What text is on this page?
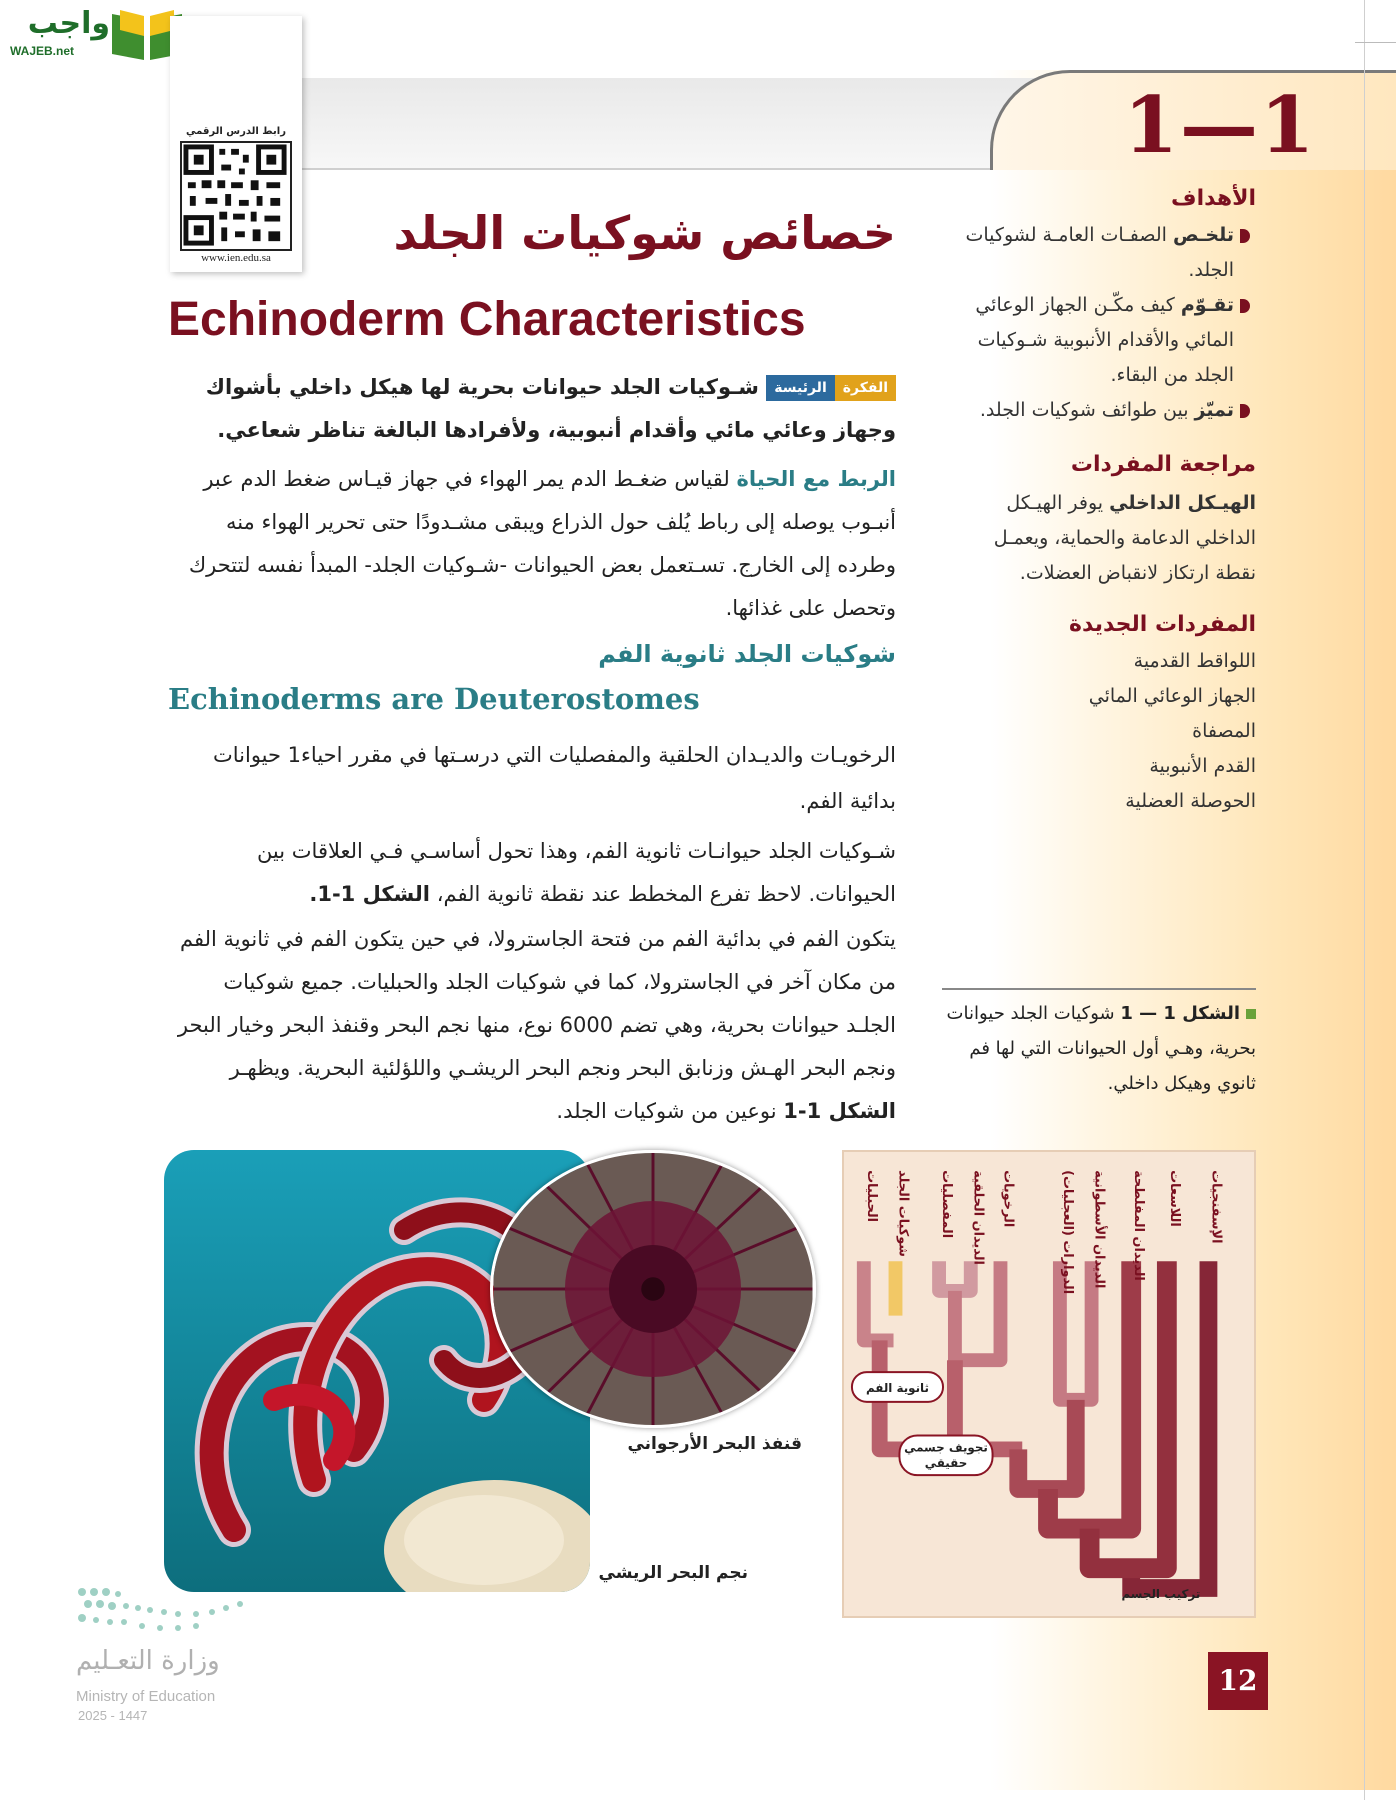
1—1
واجب
WAJEB.net
رابط الدرس الرقمي
www.ien.edu.sa	خصائص شوكيات الجلد
Echinoderm Characteristics
الفكرةالرئيسة شـوكيات الجلد حيوانات بحرية لها هيكل داخلي بأشواك وجهاز وعائي مائي وأقدام أنبوبية، ولأفرادها البالغة تناظر شعاعي.
الربط مع الحياة لقياس ضغـط الدم يمر الهواء في جهاز قيـاس ضغط الدم عبر أنبـوب يوصله إلى رباط يُلف حول الذراع ويبقى مشـدودًا حتى تحرير الهواء منه وطرده إلى الخارج. تسـتعمل بعض الحيوانات -شـوكيات الجلد- المبدأ نفسه لتتحرك وتحصل على غذائها.
شوكيات الجلد ثانوية الفم
Echinoderms are Deuterostomes
الرخويـات والديـدان الحلقية والمفصليات التي درسـتها في مقرر احياء1 حيوانات بدائية الفم.
شـوكيات الجلد حيوانـات ثانوية الفم، وهذا تحول أساسـي فـي العلاقات بين الحيوانات. لاحظ تفرع المخطط عند نقطة ثانوية الفم، الشكل 1-1.
يتكون الفم في بدائية الفم من فتحة الجاسترولا، في حين يتكون الفم في ثانوية الفم من مكان آخر في الجاسترولا، كما في شوكيات الجلد والحبليات. جميع شوكيات الجلـد حيوانات بحرية، وهي تضم 6000 نوع، منها نجم البحر وقنفذ البحر وخيار البحر ونجم البحر الهـش وزنابق البحر ونجم البحر الريشـي واللؤلئية البحرية. ويظهـر الشكل 1-1 نوعين من شوكيات الجلد.
الأهداف
تلخـص الصفـات العامـة لشوكيات الجلد.
تقـوّم كيف مكّـن الجهاز الوعائي المائي والأقدام الأنبوبية شـوكيات الجلد من البقاء.
تميّز بين طوائف شوكيات الجلد.
مراجعة المفردات
الهيـكل الداخلي يوفر الهيـكل الداخلي الدعامة والحماية، ويعمـل نقطة ارتكاز لانقباض العضلات.
المفردات الجديدة
اللواقط القدمية
الجهاز الوعائي المائي
المصفاة
القدم الأنبوبية
الحوصلة العضلية
الشكل 1 — 1 شوكيات الجلد حيوانات بحرية، وهـي أول الحيوانات التي لها فم ثانوي وهيكل داخلي.
قنفذ البحر الأرجواني
نجم البحر الريشي
ثانوية الفم
تجويف جسمي
حقيقي
تركيب الجسم
الحبليات شوكيات الجلد المفصليات الديدان الحلقية الرخويات	الدوارات (العجليات) الديدان الأسطوانية الديدان المفلطحة اللاسعات الإسفنجيات
وزارة التعـليم
Ministry of Education
2025 - 1447
12
